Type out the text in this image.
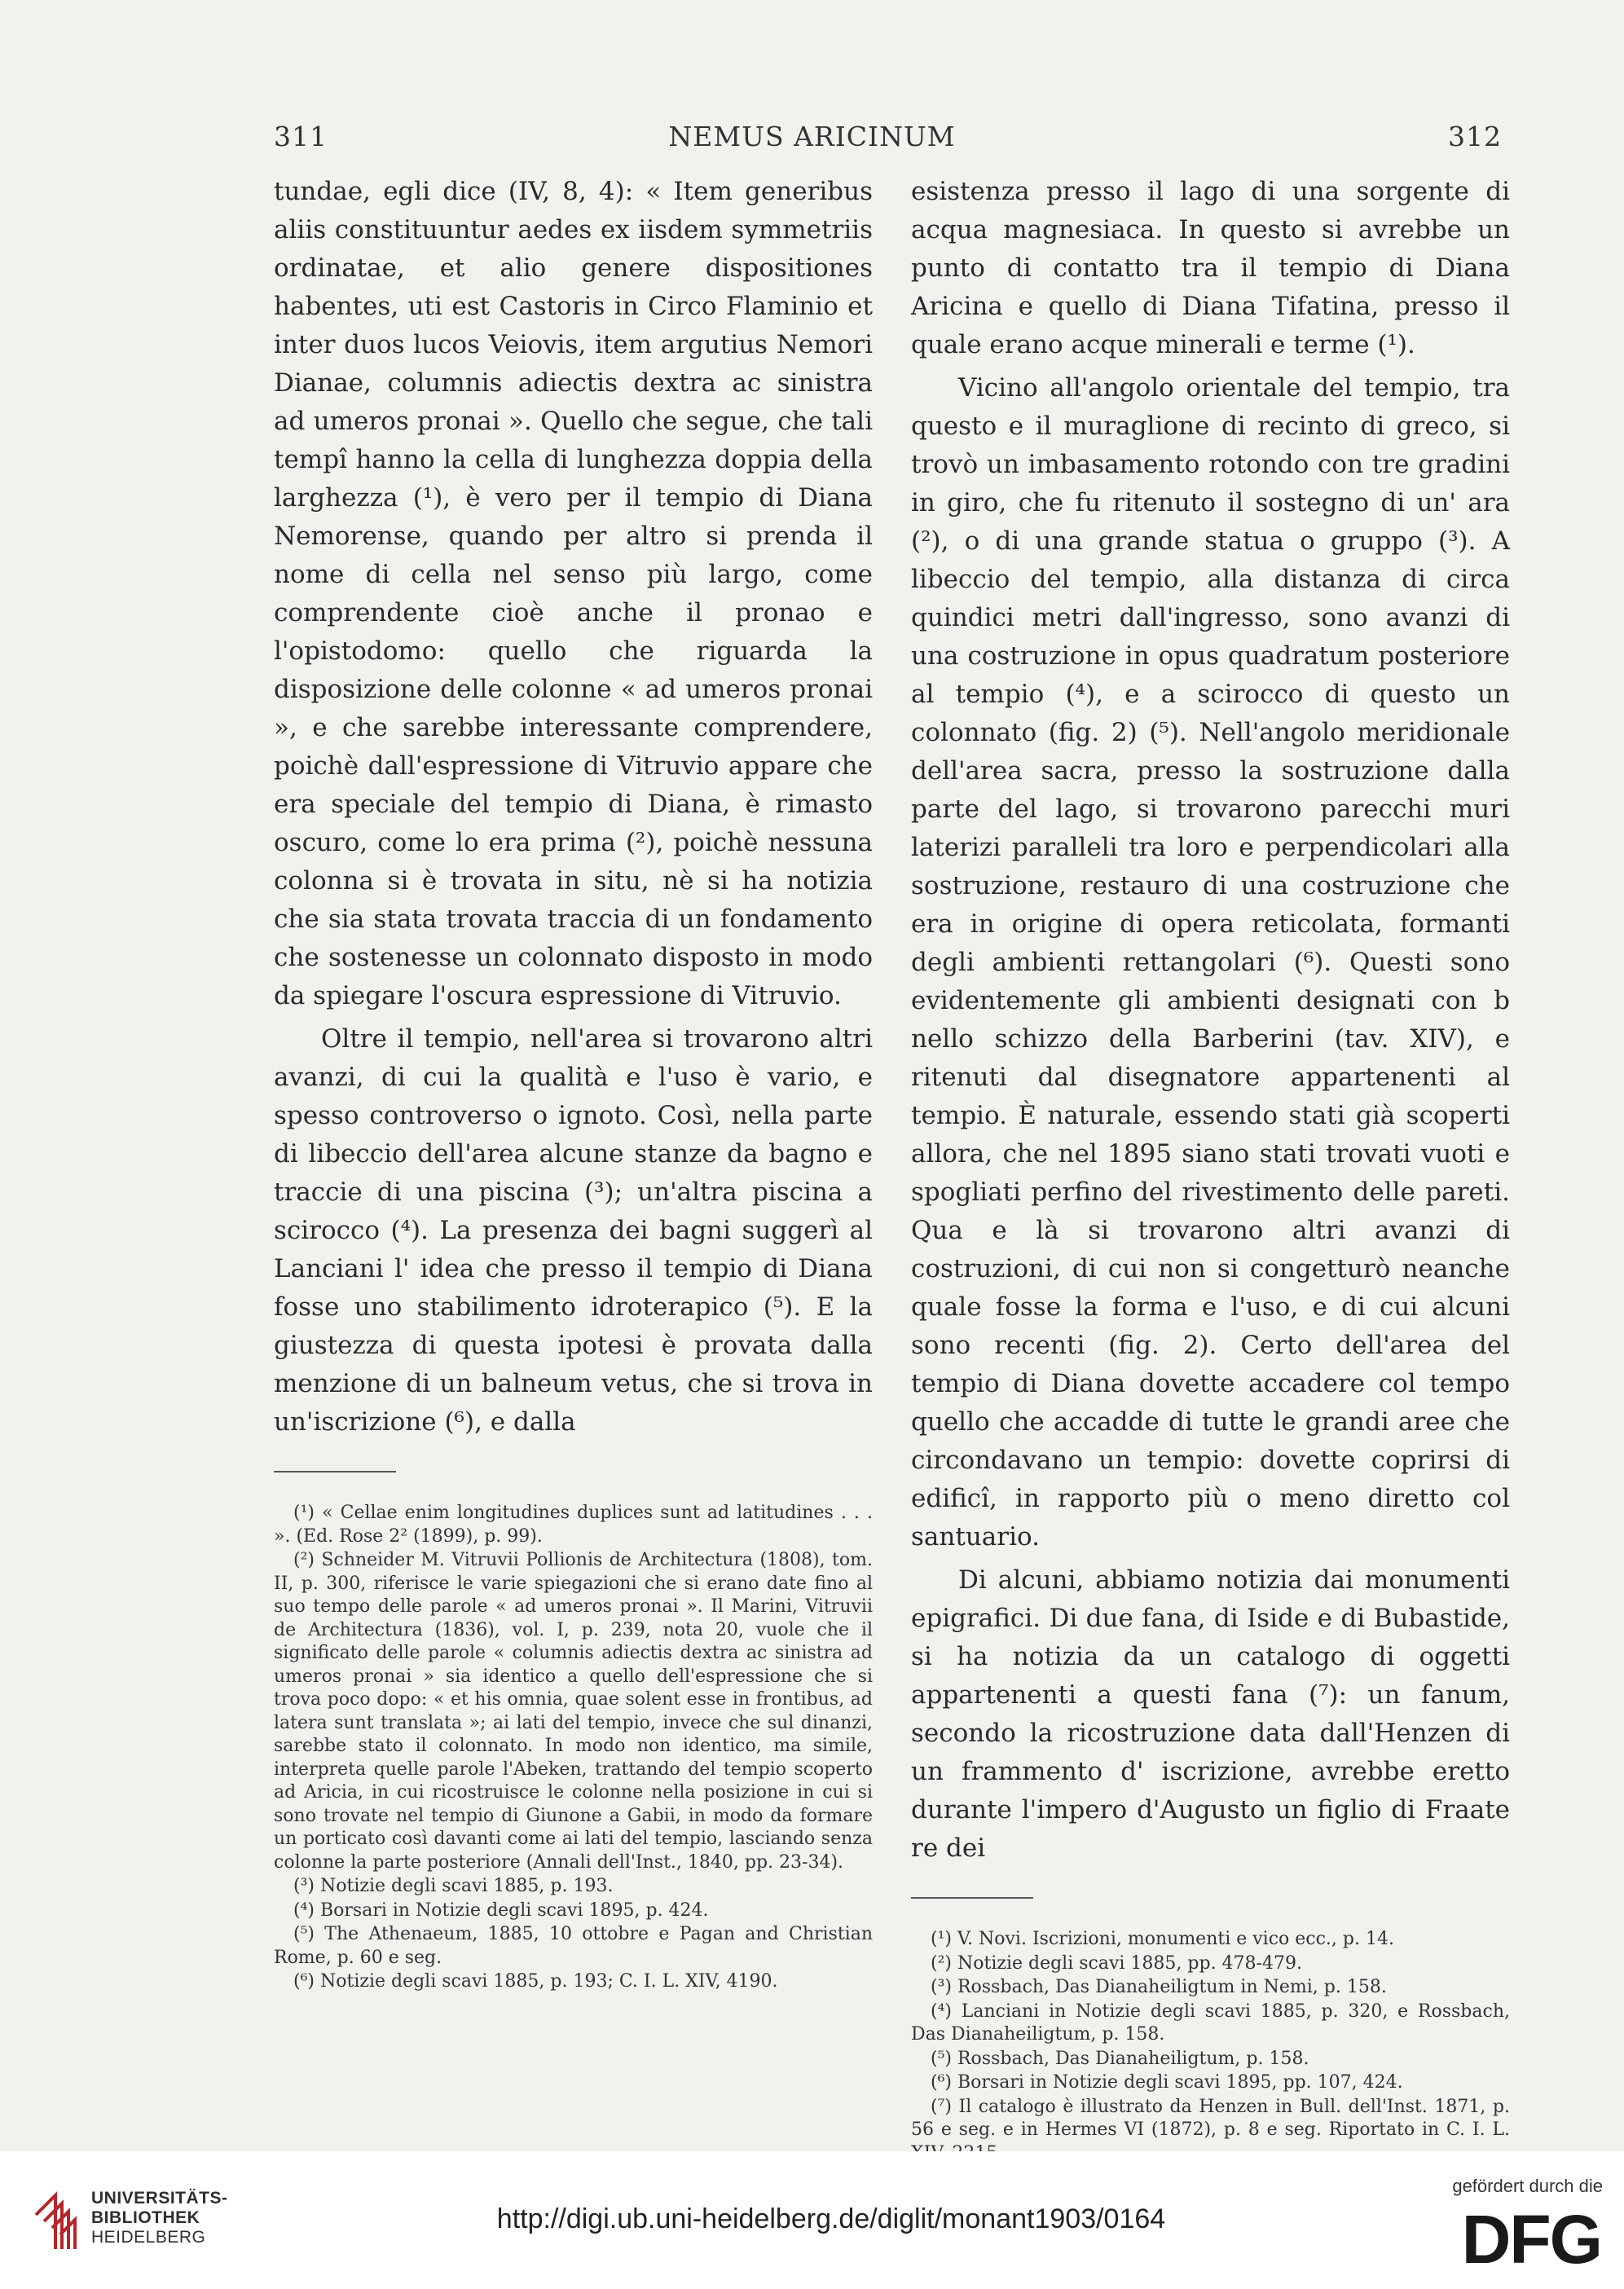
311	NEMUS ARICINUM	312

tundae, egli dice (IV, 8, 4): « Item generibus aliis constituuntur aedes ex iisdem symmetriis ordinatae, et alio genere dispositiones habentes, uti est Castoris in Circo Flaminio et inter duos lucos Veiovis, item argutius Nemori Dianae, columnis adiectis dextra ac sinistra ad umeros pronai ». Quello che segue, che tali tempî hanno la cella di lunghezza doppia della larghezza (¹), è vero per il tempio di Diana Nemorense, quando per altro si prenda il nome di cella nel senso più largo, come comprendente cioè anche il pronao e l'opistodomo: quello che riguarda la disposizione delle colonne « ad umeros pronai », e che sarebbe interessante comprendere, poichè dall'espressione di Vitruvio appare che era speciale del tempio di Diana, è rimasto oscuro, come lo era prima (²), poichè nessuna colonna si è trovata in situ, nè si ha notizia che sia stata trovata traccia di un fondamento che sostenesse un colonnato disposto in modo da spiegare l'oscura espressione di Vitruvio.

Oltre il tempio, nell'area si trovarono altri avanzi, di cui la qualità e l'uso è vario, e spesso controverso o ignoto. Così, nella parte di libeccio dell'area alcune stanze da bagno e traccie di una piscina (³); un'altra piscina a scirocco (⁴). La presenza dei bagni suggerì al Lanciani l' idea che presso il tempio di Diana fosse uno stabilimento idroterapico (⁵). E la giustezza di questa ipotesi è provata dalla menzione di un balneum vetus, che si trova in un'iscrizione (⁶), e dalla

(¹) « Cellae enim longitudines duplices sunt ad latitudines . . . ». (Ed. Rose 2² (1899), p. 99).

(²) Schneider M. Vitruvii Pollionis de Architectura (1808), tom. II, p. 300, riferisce le varie spiegazioni che si erano date fino al suo tempo delle parole « ad umeros pronai ». Il Marini, Vitruvii de Architectura (1836), vol. I, p. 239, nota 20, vuole che il significato delle parole « columnis adiectis dextra ac sinistra ad umeros pronai » sia identico a quello dell'espressione che si trova poco dopo: « et his omnia, quae solent esse in frontibus, ad latera sunt translata »; ai lati del tempio, invece che sul dinanzi, sarebbe stato il colonnato. In modo non identico, ma simile, interpreta quelle parole l'Abeken, trattando del tempio scoperto ad Aricia, in cui ricostruisce le colonne nella posizione in cui si sono trovate nel tempio di Giunone a Gabii, in modo da formare un porticato così davanti come ai lati del tempio, lasciando senza colonne la parte posteriore (Annali dell'Inst., 1840, pp. 23-34).

(³) Notizie degli scavi 1885, p. 193.

(⁴) Borsari in Notizie degli scavi 1895, p. 424.

(⁵) The Athenaeum, 1885, 10 ottobre e Pagan and Christian Rome, p. 60 e seg.

(⁶) Notizie degli scavi 1885, p. 193; C. I. L. XIV, 4190.

esistenza presso il lago di una sorgente di acqua magnesiaca. In questo si avrebbe un punto di contatto tra il tempio di Diana Aricina e quello di Diana Tifatina, presso il quale erano acque minerali e terme (¹).

Vicino all'angolo orientale del tempio, tra questo e il muraglione di recinto di greco, si trovò un imbasamento rotondo con tre gradini in giro, che fu ritenuto il sostegno di un' ara (²), o di una grande statua o gruppo (³). A libeccio del tempio, alla distanza di circa quindici metri dall'ingresso, sono avanzi di una costruzione in opus quadratum posteriore al tempio (⁴), e a scirocco di questo un colonnato (fig. 2) (⁵). Nell'angolo meridionale dell'area sacra, presso la sostruzione dalla parte del lago, si trovarono parecchi muri laterizi paralleli tra loro e perpendicolari alla sostruzione, restauro di una costruzione che era in origine di opera reticolata, formanti degli ambienti rettangolari (⁶). Questi sono evidentemente gli ambienti designati con b nello schizzo della Barberini (tav. XIV), e ritenuti dal disegnatore appartenenti al tempio. È naturale, essendo stati già scoperti allora, che nel 1895 siano stati trovati vuoti e spogliati perfino del rivestimento delle pareti. Qua e là si trovarono altri avanzi di costruzioni, di cui non si congetturò neanche quale fosse la forma e l'uso, e di cui alcuni sono recenti (fig. 2). Certo dell'area del tempio di Diana dovette accadere col tempo quello che accadde di tutte le grandi aree che circondavano un tempio: dovette coprirsi di edificî, in rapporto più o meno diretto col santuario.

Di alcuni, abbiamo notizia dai monumenti epigrafici. Di due fana, di Iside e di Bubastide, si ha notizia da un catalogo di oggetti appartenenti a questi fana (⁷): un fanum, secondo la ricostruzione data dall'Henzen di un frammento d' iscrizione, avrebbe eretto durante l'impero d'Augusto un figlio di Fraate re dei

(¹) V. Novi. Iscrizioni, monumenti e vico ecc., p. 14.

(²) Notizie degli scavi 1885, pp. 478-479.

(³) Rossbach, Das Dianaheiligtum in Nemi, p. 158.

(⁴) Lanciani in Notizie degli scavi 1885, p. 320, e Rossbach, Das Dianaheiligtum, p. 158.

(⁵) Rossbach, Das Dianaheiligtum, p. 158.

(⁶) Borsari in Notizie degli scavi 1895, pp. 107, 424.

(⁷) Il catalogo è illustrato da Henzen in Bull. dell'Inst. 1871, p. 56 e seg. e in Hermes VI (1872), p. 8 e seg. Riportato in C. I. L.

UNIVERSITÄTS-
BIBLIOTHEK
HEIDELBERG
http://digi.ub.uni-heidelberg.de/diglit/monant1903/0164
gefördert durch die
DFG
